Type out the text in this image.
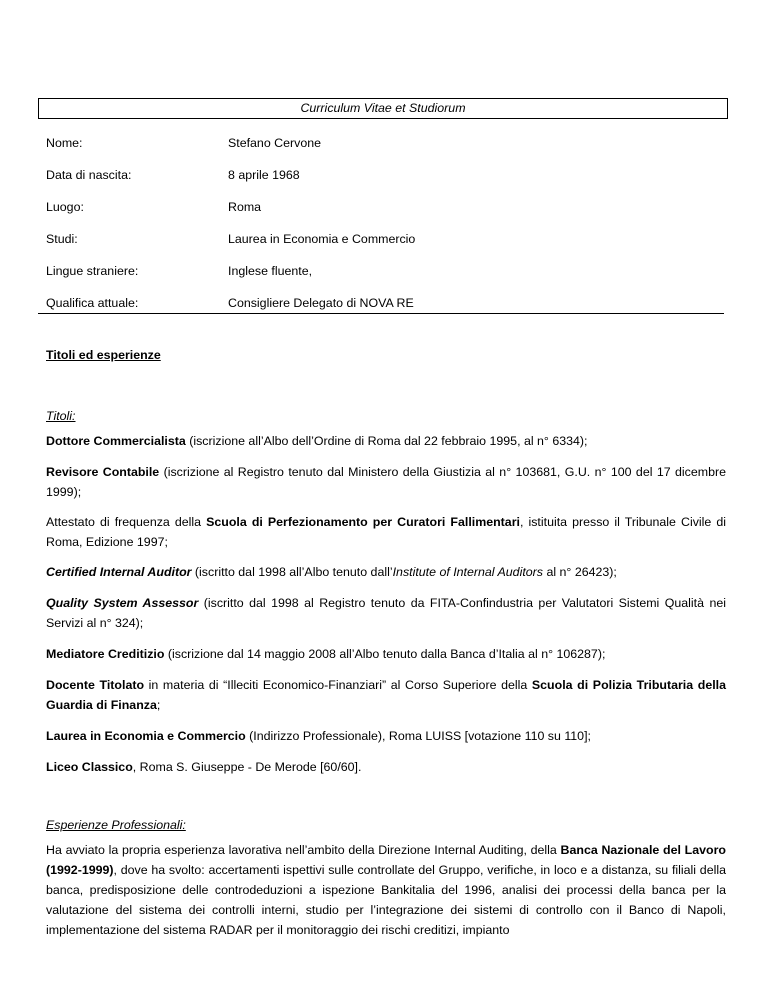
Curriculum Vitae et Studiorum
Nome:	Stefano Cervone
Data di nascita:	8 aprile 1968
Luogo:	Roma
Studi:	Laurea in Economia e Commercio
Lingue straniere:	Inglese fluente,
Qualifica attuale:	Consigliere Delegato di NOVA RE
Titoli ed esperienze
Titoli:
Dottore Commercialista (iscrizione all’Albo dell’Ordine di Roma dal 22 febbraio 1995, al n° 6334);
Revisore Contabile (iscrizione al Registro tenuto dal Ministero della Giustizia al n° 103681, G.U. n° 100 del 17 dicembre 1999);
Attestato di frequenza della Scuola di Perfezionamento per Curatori Fallimentari, istituita presso il Tribunale Civile di Roma, Edizione 1997;
Certified Internal Auditor (iscritto dal 1998 all’Albo tenuto dall’Institute of Internal Auditors al n° 26423);
Quality System Assessor (iscritto dal 1998 al Registro tenuto da FITA-Confindustria per Valutatori Sistemi Qualità nei Servizi al n° 324);
Mediatore Creditizio (iscrizione dal 14 maggio 2008 all’Albo tenuto dalla Banca d’Italia al n° 106287);
Docente Titolato in materia di “Illeciti Economico-Finanziari” al Corso Superiore della Scuola di Polizia Tributaria della Guardia di Finanza;
Laurea in Economia e Commercio (Indirizzo Professionale), Roma LUISS [votazione 110 su 110];
Liceo Classico, Roma S. Giuseppe - De Merode [60/60].
Esperienze Professionali:
Ha avviato la propria esperienza lavorativa nell’ambito della Direzione Internal Auditing, della Banca Nazionale del Lavoro (1992-1999), dove ha svolto: accertamenti ispettivi sulle controllate del Gruppo, verifiche, in loco e a distanza, su filiali della banca, predisposizione delle controdeduzioni a ispezione Bankitalia del 1996, analisi dei processi della banca per la valutazione del sistema dei controlli interni, studio per l’integrazione dei sistemi di controllo con il Banco di Napoli, implementazione del sistema RADAR per il monitoraggio dei rischi creditizi, impianto
